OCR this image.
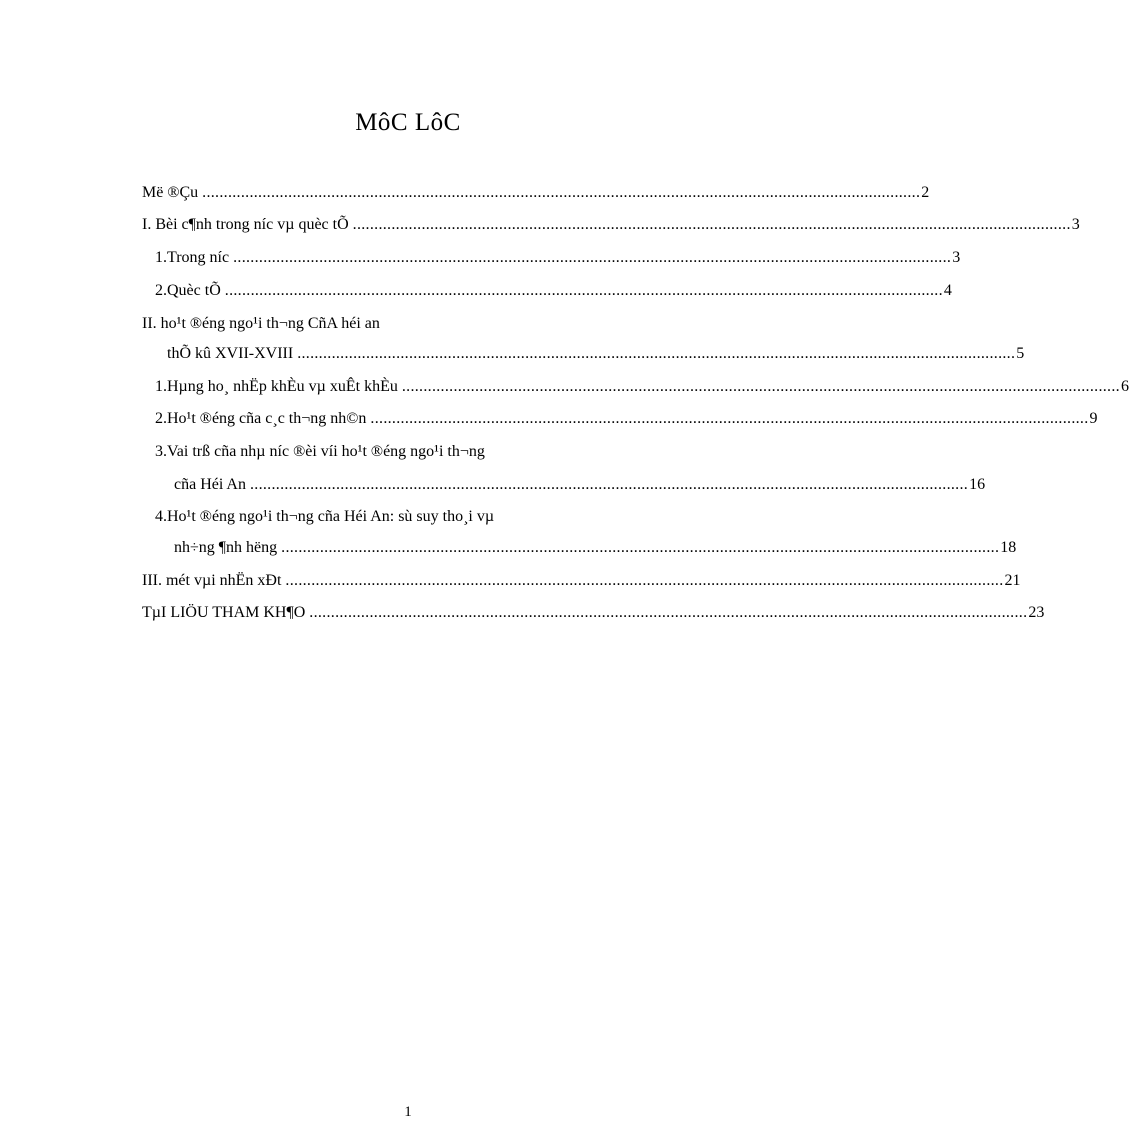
MôC LôC
Më ®Çu ....................................................................................................................................................................... 2
I. Bèi c¶nh trong níc vµ quèc tÕ ....................................................................................................................................................................... 3
1.Trong níc ....................................................................................................................................................................... 3
2.Quèc tÕ ....................................................................................................................................................................... 4
II. ho¹t ®éng ngo¹i th¬ng CñA héi an
thÕ kû XVII-XVIII ....................................................................................................................................................................... 5
1.Hµng ho¸ nhËp khÈu vµ xuÊt khÈu ....................................................................................................................................................................... 6
2.Ho¹t ®éng cña c¸c th¬ng nh©n ....................................................................................................................................................................... 9
3.Vai trß cña nhµ níc ®èi víi ho¹t ®éng ngo¹i th¬ng
cña Héi An ....................................................................................................................................................................... 16
4.Ho¹t ®éng ngo¹i th¬ng cña Héi An: sù suy tho¸i vµ
nh÷ng ¶nh hëng ....................................................................................................................................................................... 18
III. mét vµi nhËn xÐt ....................................................................................................................................................................... 21
TµI LIÖU THAM KH¶O ....................................................................................................................................................................... 23
1
